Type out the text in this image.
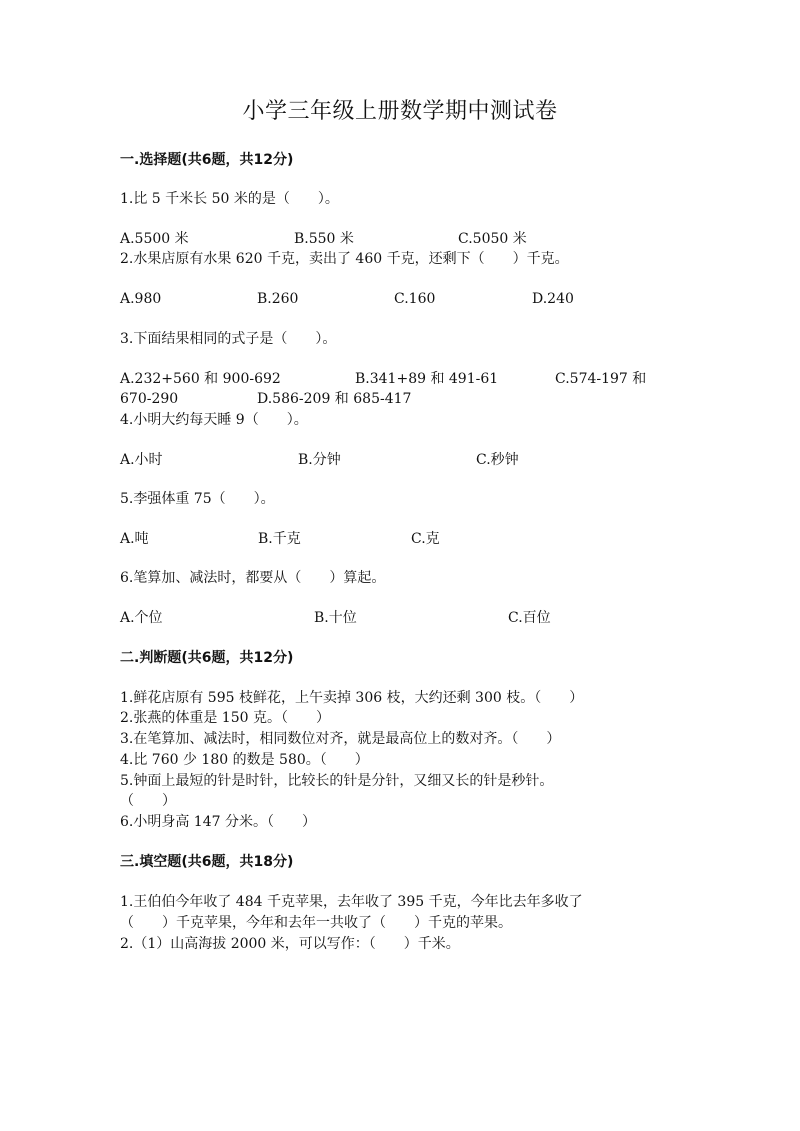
小学三年级上册数学期中测试卷
一.选择题(共6题，共12分)
1.比 5 千米长 50 米的是（　　）。
A.5500 米	B.550 米	C.5050 米
2.水果店原有水果 620 千克，卖出了 460 千克，还剩下（　　）千克。
A.980	B.260	C.160	D.240
3.下面结果相同的式子是（　　）。
A.232+560 和 900-692	B.341+89 和 491-61	C.574-197 和
670-290	D.586-209 和 685-417
4.小明大约每天睡 9（　　）。
A.小时	B.分钟	C.秒钟
5.李强体重 75（　　）。
A.吨	B.千克	C.克
6.笔算加、减法时，都要从（　　）算起。
A.个位	B.十位	C.百位
二.判断题(共6题，共12分)
1.鲜花店原有 595 枝鲜花，上午卖掉 306 枝，大约还剩 300 枝。（　　）
2.张燕的体重是 150 克。（　　）
3.在笔算加、减法时，相同数位对齐，就是最高位上的数对齐。（　　）
4.比 760 少 180 的数是 580。（　　）
5.钟面上最短的针是时针，比较长的针是分针，又细又长的针是秒针。
（　　）
6.小明身高 147 分米。（　　）
三.填空题(共6题，共18分)
1.王伯伯今年收了 484 千克苹果，去年收了 395 千克，今年比去年多收了
（　　）千克苹果，今年和去年一共收了（　　）千克的苹果。
2.（1）山高海拔 2000 米，可以写作：（　　）千米。
